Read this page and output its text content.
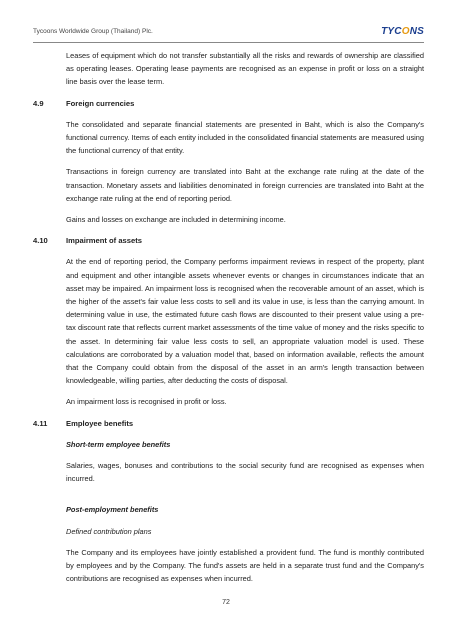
Tycoons Worldwide Group (Thailand) Plc.	TYCONS

Leases of equipment which do not transfer substantially all the risks and rewards of ownership are classified as operating leases. Operating lease payments are recognised as an expense in profit or loss on a straight line basis over the lease term.

4.9	Foreign currencies

The consolidated and separate financial statements are presented in Baht, which is also the Company's functional currency. Items of each entity included in the consolidated financial statements are measured using the functional currency of that entity.

Transactions in foreign currency are translated into Baht at the exchange rate ruling at the date of the transaction. Monetary assets and liabilities denominated in foreign currencies are translated into Baht at the exchange rate ruling at the end of reporting period.

Gains and losses on exchange are included in determining income.

4.10	Impairment of assets

At the end of reporting period, the Company performs impairment reviews in respect of the property, plant and equipment and other intangible assets whenever events or changes in circumstances indicate that an asset may be impaired. An impairment loss is recognised when the recoverable amount of an asset, which is the higher of the asset's fair value less costs to sell and its value in use, is less than the carrying amount. In determining value in use, the estimated future cash flows are discounted to their present value using a pre-tax discount rate that reflects current market assessments of the time value of money and the risks specific to the asset. In determining fair value less costs to sell, an appropriate valuation model is used. These calculations are corroborated by a valuation model that, based on information available, reflects the amount that the Company could obtain from the disposal of the asset in an arm's length transaction between knowledgeable, willing parties, after deducting the costs of disposal.

An impairment loss is recognised in profit or loss.

4.11	Employee benefits
Short-term employee benefits

Salaries, wages, bonuses and contributions to the social security fund are recognised as expenses when incurred.

Post-employment benefits
Defined contribution plans

The Company and its employees have jointly established a provident fund. The fund is monthly contributed by employees and by the Company. The fund's assets are held in a separate trust fund and the Company's contributions are recognised as expenses when incurred.

72
